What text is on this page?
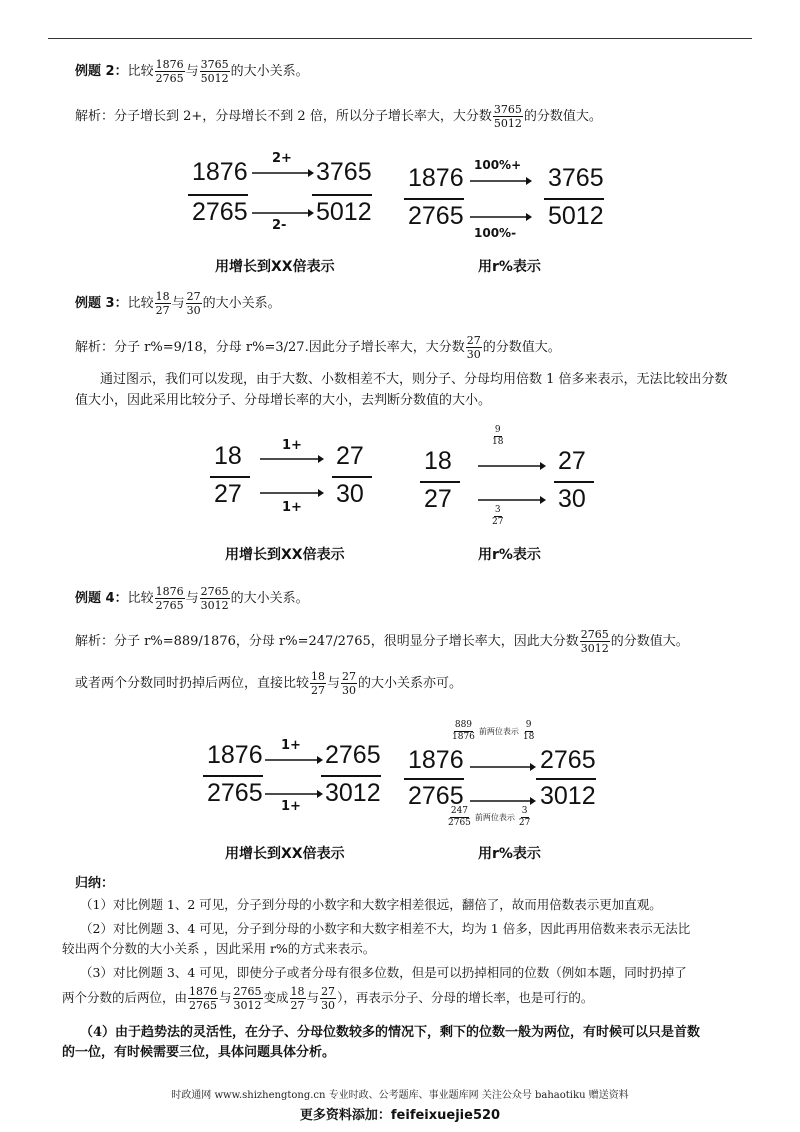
例题 2：比较 $\frac{1876}{2765}$ 与 $\frac{3765}{5012}$ 的大小关系。
解析：分子增长到 2+，分母增长不到 2 倍，所以分子增长率大，大分数 $\frac{3765}{5012}$ 的分数值大。
1876
2765
3765
5012
2+
2-
用增长到XX倍表示
1876
2765
3765
5012
100%+
100%-
用r%表示
例题 3：比较 $\frac{18}{27}$ 与 $\frac{27}{30}$ 的大小关系。
解析：分子 r%=9/18，分母 r%=3/27.因此分子增长率大，大分数 $\frac{27}{30}$ 的分数值大。
通过图示，我们可以发现，由于大数、小数相差不大，则分子、分母均用倍数 1 倍多来表示，无法比较出分数
值大小，因此采用比较分子、分母增长率的大小，去判断分数值的大小。
18
27
27
30
1+
1+
用增长到XX倍表示
18
27
27
30
$\frac{9}{18}$
$\frac{3}{27}$
用r%表示
例题 4：比较 $\frac{1876}{2765}$ 与 $\frac{2765}{3012}$ 的大小关系。
解析：分子 r%=889/1876，分母 r%=247/2765，很明显分子增长率大，因此大分数 $\frac{2765}{3012}$ 的分数值大。
或者两个分数同时扔掉后两位，直接比较 $\frac{18}{27}$ 与 $\frac{27}{30}$ 的大小关系亦可。
1876
2765
2765
3012
1+
1+
用增长到XX倍表示
1876
2765
2765
3012
$\frac{889}{1876}$ 前两位表示 $\frac{9}{18}$
$\frac{247}{2765}$ 前两位表示 $\frac{3}{27}$
用r%表示
归纳：
（1）对比例题 1、2 可见，分子到分母的小数字和大数字相差很远，翻倍了，故而用倍数表示更加直观。
（2）对比例题 3、4 可见，分子到分母的小数字和大数字相差不大，均为 1 倍多，因此再用倍数来表示无法比
较出两个分数的大小关系 ，因此采用 r%的方式来表示。
（3）对比例题 3、4 可见，即使分子或者分母有很多位数，但是可以扔掉相同的位数（例如本题，同时扔掉了
两个分数的后两位，由 $\frac{1876}{2765}$ 与 $\frac{2765}{3012}$ 变成 $\frac{18}{27}$ 与 $\frac{27}{30}$ ），再表示分子、分母的增长率，也是可行的。
（4）由于趋势法的灵活性，在分子、分母位数较多的情况下，剩下的位数一般为两位，有时候可以只是首数
的一位，有时候需要三位，具体问题具体分析。
时政通网 www.shizhengtong.cn 专业时政、公考题库、事业题库网 关注公众号 bahaotiku 赠送资料
更多资料添加：feifeixuejie520
